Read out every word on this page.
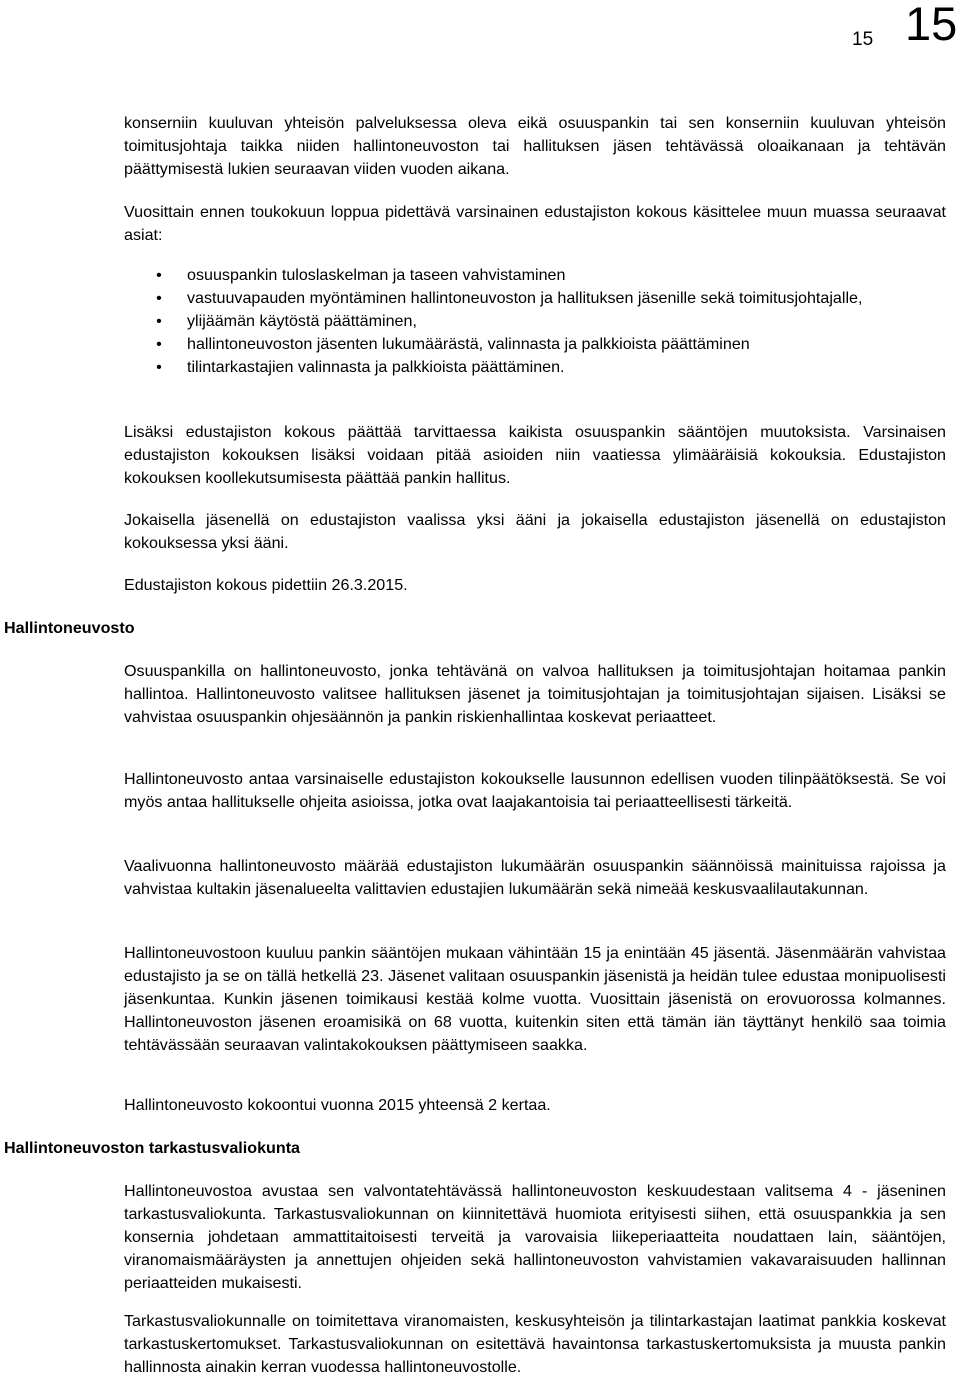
15 15

konserniin kuuluvan yhteisön palveluksessa oleva eikä osuuspankin tai sen konserniin kuuluvan yhteisön toimitusjohtaja taikka niiden hallintoneuvoston tai hallituksen jäsen tehtävässä oloaikanaan ja tehtävän päättymisestä lukien seuraavan viiden vuoden aikana.

Vuosittain ennen toukokuun loppua pidettävä varsinainen edustajiston kokous käsittelee muun muassa seuraavat asiat:

• osuuspankin tuloslaskelman ja taseen vahvistaminen
• vastuuvapauden myöntäminen hallintoneuvoston ja hallituksen jäsenille sekä toimitusjohtajalle,
• ylijäämän käytöstä päättäminen,
• hallintoneuvoston jäsenten lukumäärästä, valinnasta ja palkkioista päättäminen
• tilintarkastajien valinnasta ja palkkioista päättäminen.

Lisäksi edustajiston kokous päättää tarvittaessa kaikista osuuspankin sääntöjen muutoksista. Varsinaisen edustajiston kokouksen lisäksi voidaan pitää asioiden niin vaatiessa ylimääräisiä kokouksia. Edustajiston kokouksen koollekutsumisesta päättää pankin hallitus.

Jokaisella jäsenellä on edustajiston vaalissa yksi ääni ja jokaisella edustajiston jäsenellä on edustajiston kokouksessa yksi ääni.

Edustajiston kokous pidettiin 26.3.2015.

Hallintoneuvosto

Osuuspankilla on hallintoneuvosto, jonka tehtävänä on valvoa hallituksen ja toimitusjohtajan hoitamaa pankin hallintoa. Hallintoneuvosto valitsee hallituksen jäsenet ja toimitusjohtajan ja toimitusjohtajan sijaisen. Lisäksi se vahvistaa osuuspankin ohjesäännön ja pankin riskienhallintaa koskevat periaatteet.

Hallintoneuvosto antaa varsinaiselle edustajiston kokoukselle lausunnon edellisen vuoden tilinpäätöksestä. Se voi myös antaa hallitukselle ohjeita asioissa, jotka ovat laajakantoisia tai periaatteellisesti tärkeitä.

Vaalivuonna hallintoneuvosto määrää edustajiston lukumäärän osuuspankin säännöissä mainituissa rajoissa ja vahvistaa kultakin jäsenalueelta valittavien edustajien lukumäärän sekä nimeää keskusvaalilautakunnan.

Hallintoneuvostoon kuuluu pankin sääntöjen mukaan vähintään 15 ja enintään 45 jäsentä. Jäsenmäärän vahvistaa edustajisto ja se on tällä hetkellä 23. Jäsenet valitaan osuuspankin jäsenistä ja heidän tulee edustaa monipuolisesti jäsenkuntaa. Kunkin jäsenen toimikausi kestää kolme vuotta. Vuosittain jäsenistä on erovuorossa kolmannes. Hallintoneuvoston jäsenen eroamisikä on 68 vuotta, kuitenkin siten että tämän iän täyttänyt henkilö saa toimia tehtävässään seuraavan valintakokouksen päättymiseen saakka.

Hallintoneuvosto kokoontui vuonna 2015 yhteensä 2 kertaa.

Hallintoneuvoston tarkastusvaliokunta

Hallintoneuvostoa avustaa sen valvontatehtävässä hallintoneuvoston keskuudestaan valitsema 4 - jäseninen tarkastusvaliokunta. Tarkastusvaliokunnan on kiinnitettävä huomiota erityisesti siihen, että osuuspankkia ja sen konsernia johdetaan ammattitaitoisesti terveitä ja varovaisia liikeperiaatteita noudattaen lain, sääntöjen, viranomaismääräysten ja annettujen ohjeiden sekä hallintoneuvoston vahvistamien vakavaraisuuden hallinnan periaatteiden mukaisesti.

Tarkastusvaliokunnalle on toimitettava viranomaisten, keskusyhteisön ja tilintarkastajan laatimat pankkia koskevat tarkastuskertomukset. Tarkastusvaliokunnan on esitettävä havaintonsa tarkastuskertomuksista ja muusta pankin hallinnosta ainakin kerran vuodessa hallintoneuvostolle.
